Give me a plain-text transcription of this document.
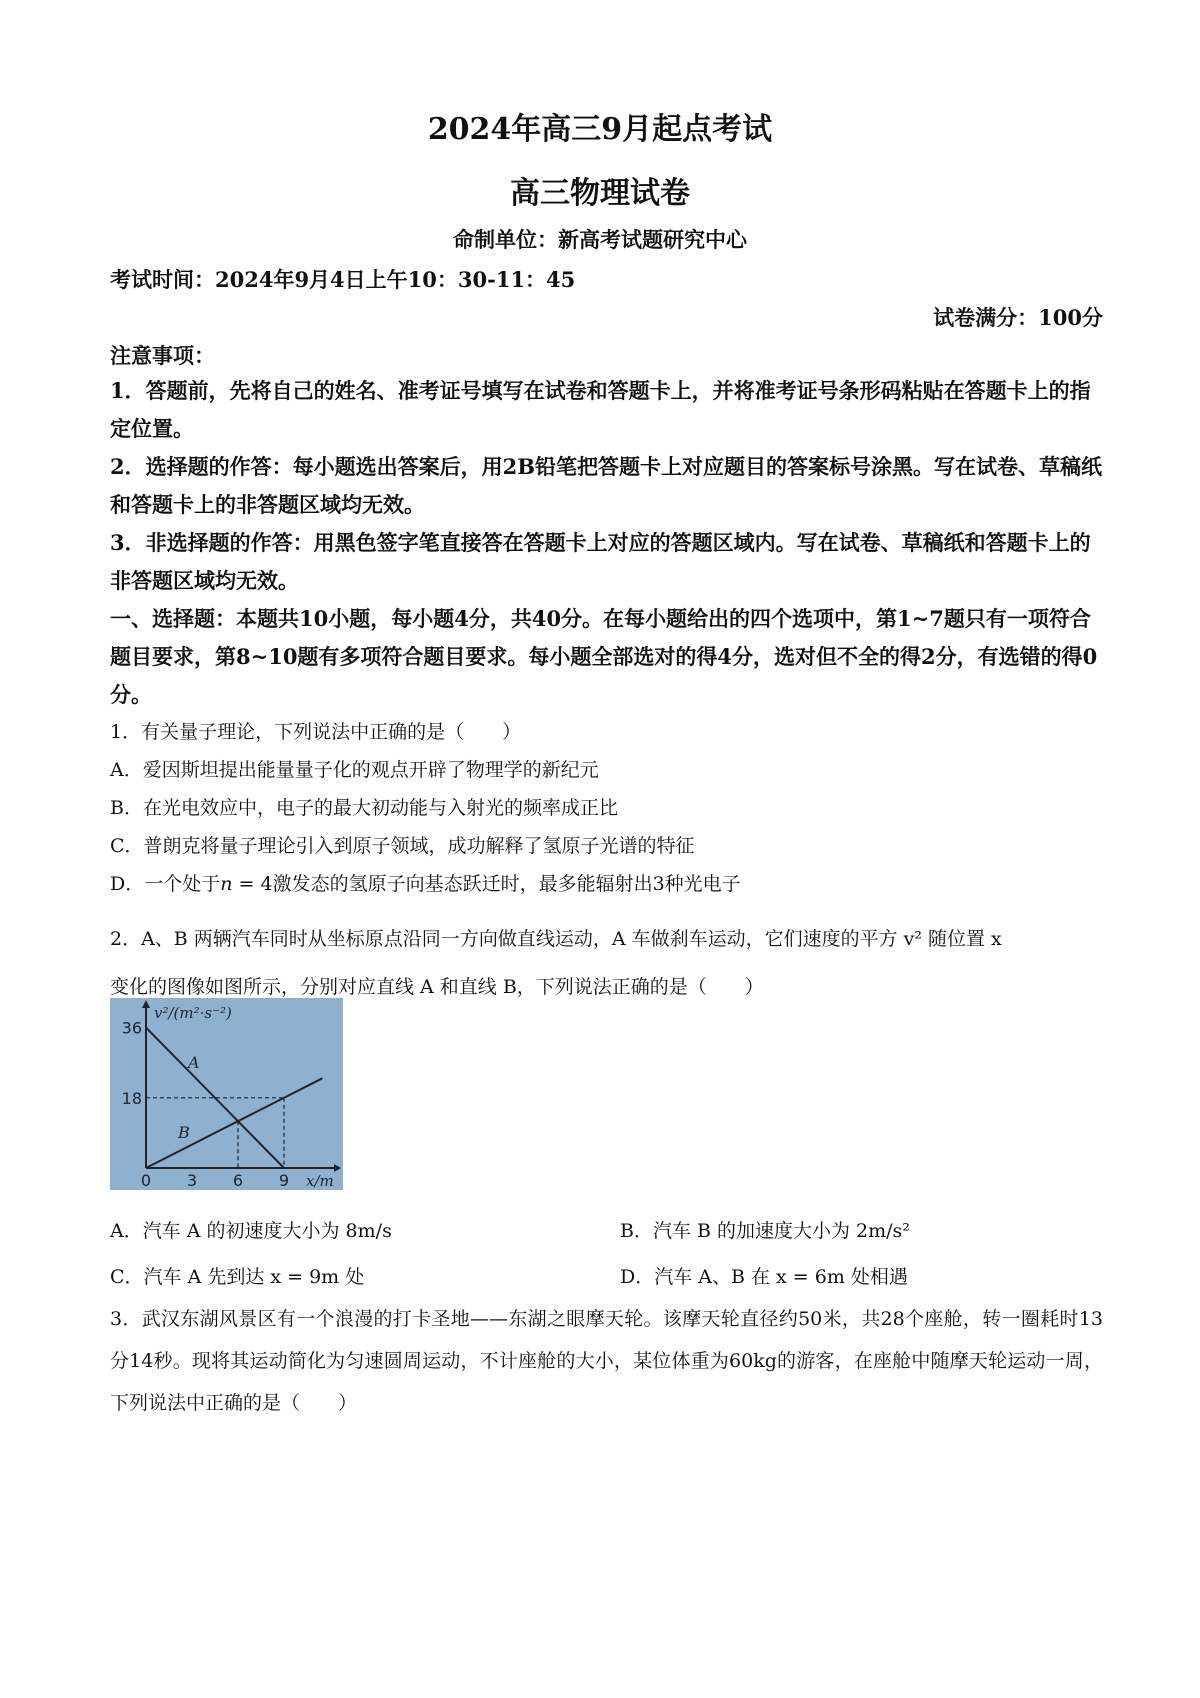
2024年高三9月起点考试
高三物理试卷
命制单位：新高考试题研究中心
考试时间：2024年9月4日上午10：30-11：45
试卷满分：100分
注意事项：
1．答题前，先将自己的姓名、准考证号填写在试卷和答题卡上，并将准考证号条形码粘贴在答题卡上的指定位置。
2．选择题的作答：每小题选出答案后，用2B铅笔把答题卡上对应题目的答案标号涂黑。写在试卷、草稿纸和答题卡上的非答题区域均无效。
3．非选择题的作答：用黑色签字笔直接答在答题卡上对应的答题区域内。写在试卷、草稿纸和答题卡上的非答题区域均无效。
一、选择题：本题共10小题，每小题4分，共40分。在每小题给出的四个选项中，第1~7题只有一项符合题目要求，第8~10题有多项符合题目要求。每小题全部选对的得4分，选对但不全的得2分，有选错的得0分。
1．有关量子理论，下列说法中正确的是（　　）
A．爱因斯坦提出能量量子化的观点开辟了物理学的新纪元
B．在光电效应中，电子的最大初动能与入射光的频率成正比
C．普朗克将量子理论引入到原子领域，成功解释了氢原子光谱的特征
D．一个处于n = 4激发态的氢原子向基态跃迁时，最多能辐射出3种光电子
2．A、B 两辆汽车同时从坐标原点沿同一方向做直线运动，A 车做刹车运动，它们速度的平方 v² 随位置 x
变化的图像如图所示，分别对应直线 A 和直线 B，下列说法正确的是（　　）
A
B
36
18
0 3 6 9 x/m
v²/(m²·s⁻²)
A．汽车 A 的初速度大小为 8m/s	B．汽车 B 的加速度大小为 2m/s²
C．汽车 A 先到达 x = 9m 处	D．汽车 A、B 在 x = 6m 处相遇
3．武汉东湖风景区有一个浪漫的打卡圣地——东湖之眼摩天轮。该摩天轮直径约50米，共28个座舱，转一圈耗时13分14秒。现将其运动简化为匀速圆周运动，不计座舱的大小，某位体重为60kg的游客，在座舱中随摩天轮运动一周，下列说法中正确的是（　　）
